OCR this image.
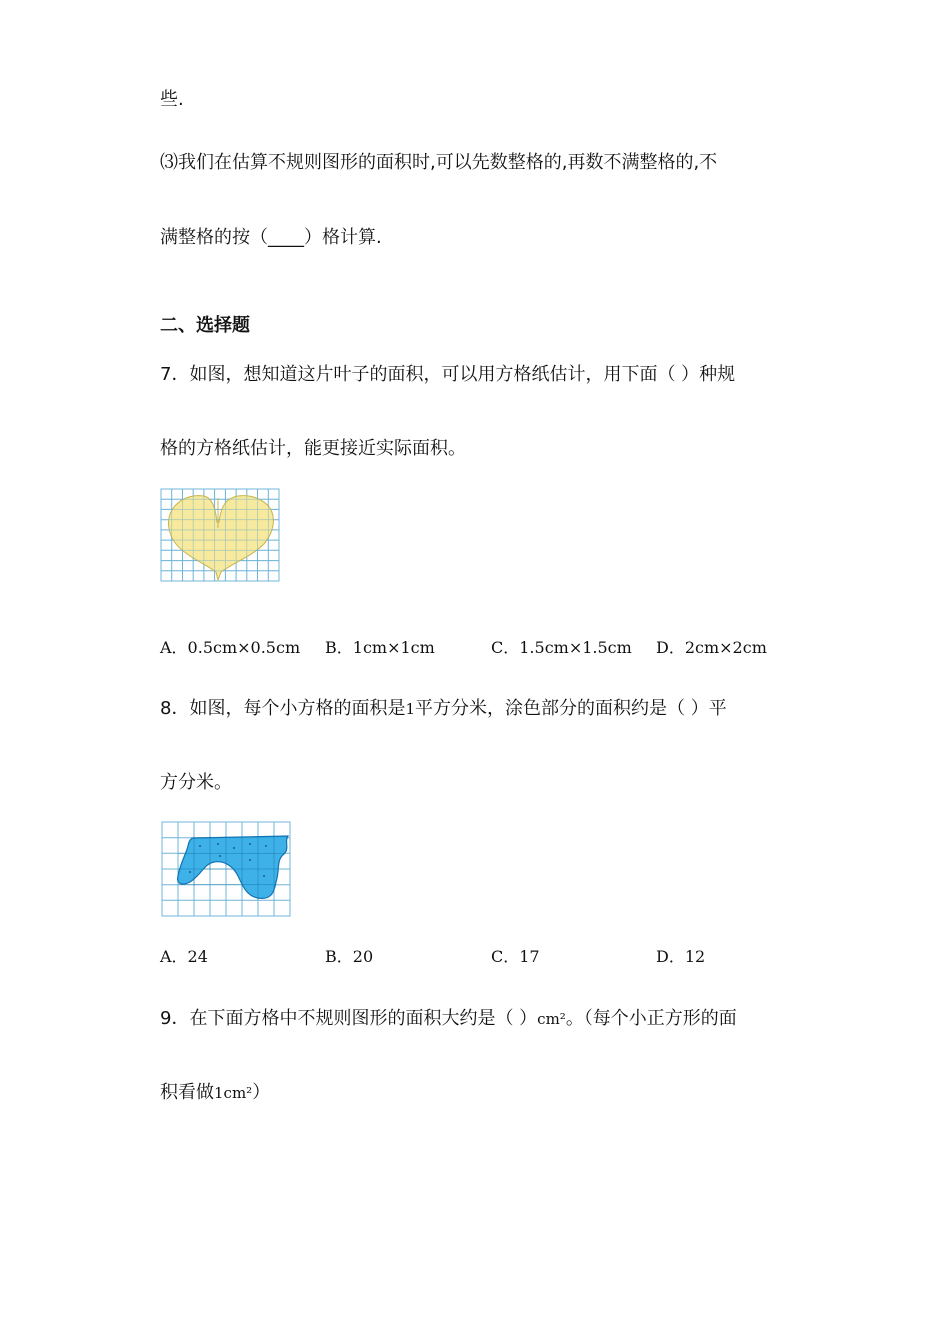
些.
⑶我们在估算不规则图形的面积时,可以先数整格的,再数不满整格的,不
满整格的按（____）格计算.
二、选择题
7．如图，想知道这片叶子的面积，可以用方格纸估计，用下面（ ）种规
格的方格纸估计，能更接近实际面积。
A．0.5cm×0.5cm B．1cm×1cm	C．1.5cm×1.5cm D．2cm×2cm
8．如图，每个小方格的面积是1平方分米，涂色部分的面积约是（ ）平
方分米。
A．24	B．20	C．17	D．12
9．在下面方格中不规则图形的面积大约是（ ）cm²。（每个小正方形的面
积看做1cm²）
